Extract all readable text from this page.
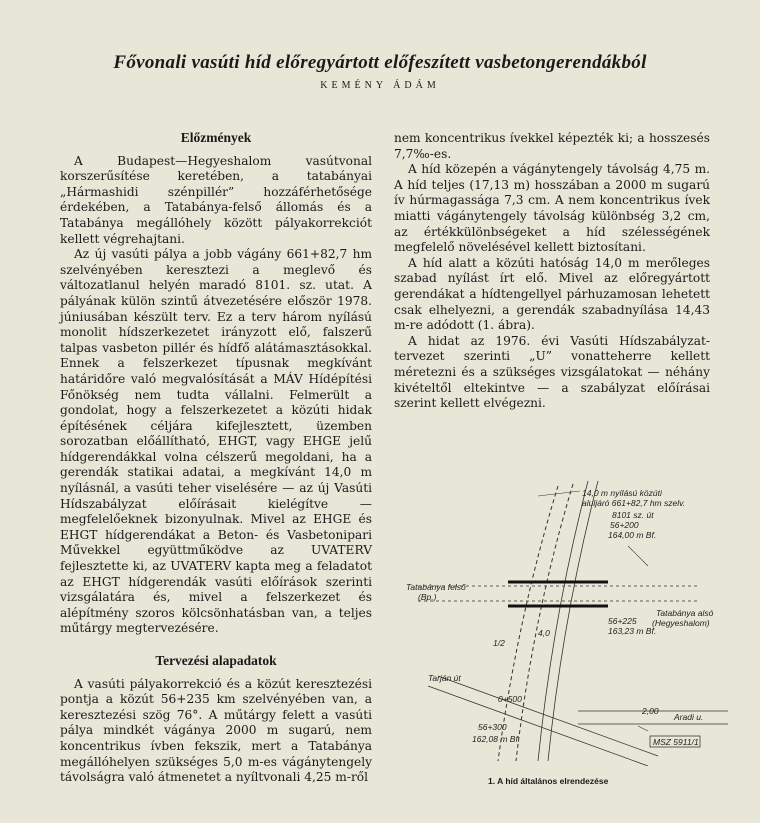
Fővonali vasúti híd előregyártott előfeszített vasbetongerendákból
KEMÉNY ÁDÁM
Előzmények

A Budapest—Hegyeshalom vasútvonal korszerűsítése keretében, a tatabányai „Hármashidi szénpillér” hozzáférhetősége érdekében, a Tatabánya-felső állomás és a Tatabánya megállóhely között pályakorrekciót kellett végrehajtani.

Az új vasúti pálya a jobb vágány 661+82,7 hm szelvényében keresztezi a meglevő és változatlanul helyén maradó 8101. sz. utat. A pályának külön szintű átvezetésére először 1978. júniusában készült terv. Ez a terv három nyílású monolit hídszerkezetet irányzott elő, falszerű talpas vasbeton pillér és hídfő alátámasztásokkal. Ennek a felszerkezet típusnak megkívánt határidőre való megvalósítását a MÁV Hídépítési Főnökség nem tudta vállalni. Felmerült a gondolat, hogy a felszerkezetet a közúti hidak építésének céljára kifejlesztett, üzemben sorozatban előállítható, EHGT, vagy EHGE jelű hídgerendákkal volna célszerű megoldani, ha a gerendák statikai adatai, a megkívánt 14,0 m nyílásnál, a vasúti teher viselésére — az új Vasúti Hídszabályzat előírásait kielégítve — megfelelőeknek bizonyulnak. Mivel az EHGE és EHGT hídgerendákat a Beton- és Vasbetonipari Művekkel együttműködve az UVATERV fejlesztette ki, az UVATERV kapta meg a feladatot az EHGT hídgerendák vasúti előírások szerinti vizsgálatára és, mivel a felszerkezet és alépítmény szoros kölcsönhatásban van, a teljes műtárgy megtervezésére.

Tervezési alapadatok

A vasúti pályakorrekció és a közút keresztezési pontja a közút 56+235 km szelvényében van, a keresztezési szög 76°. A műtárgy felett a vasúti pálya mindkét vágánya 2000 m sugarú, nem koncentrikus ívben fekszik, mert a Tatabánya megállóhelyen szükséges 5,0 m-es vágánytengely távolságra való átmenetet a nyíltvonali 4,25 m-ről

nem koncentrikus ívekkel képezték ki; a hosszesés 7,7‰-es.

A híd közepén a vágánytengely távolság 4,75 m. A híd teljes (17,13 m) hosszában a 2000 m sugarú ív húrmagassága 7,3 cm. A nem koncentrikus ívek miatti vágánytengely távolság különbség 3,2 cm, az értékkülönbségeket a híd szélességének megfelelő növelésével kellett biztosítani.

A híd alatt a közúti hatóság 14,0 m merőleges szabad nyílást írt elő. Mivel az előregyártott gerendákat a hídtengellyel párhuzamosan lehetett csak elhelyezni, a gerendák szabadnyílása 14,43 m-re adódott (1. ábra).

A hidat az 1976. évi Vasúti Hídszabályzat-tervezet szerinti „U” vonatteherre kellett méretezni és a szükséges vizsgálatokat — néhány kivételtől eltekintve — a szabályzat előírásai szerint kellett elvégezni.

14,0 m nyílású közúti
aluljáró 661+82,7 hm szelv.
8101 sz. út
56+200
164,00 m Bf.
Tatabánya felső
(Bp.)
Tatabánya alsó
(Hegyeshalom)
56+225
163,23 m Bf.
Tarján út
0+500
56+300
162,08 m Bf.
Aradi u.
MSZ 5911/1
2,00
1/2
4,0
1. A híd általános elrendezése
